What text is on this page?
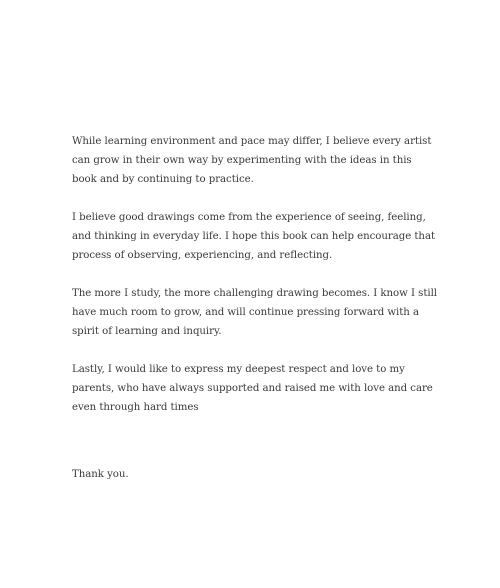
While learning environment and pace may differ, I believe every artist can grow in their own way by experimenting with the ideas in this book and by continuing to practice.

I believe good drawings come from the experience of seeing, feeling, and thinking in everyday life. I hope this book can help encourage that process of observing, experiencing, and reflecting.

The more I study, the more challenging drawing becomes. I know I still have much room to grow, and will continue pressing forward with a spirit of learning and inquiry.

Lastly, I would like to express my deepest respect and love to my parents, who have always supported and raised me with love and care even through hard times

Thank you.
